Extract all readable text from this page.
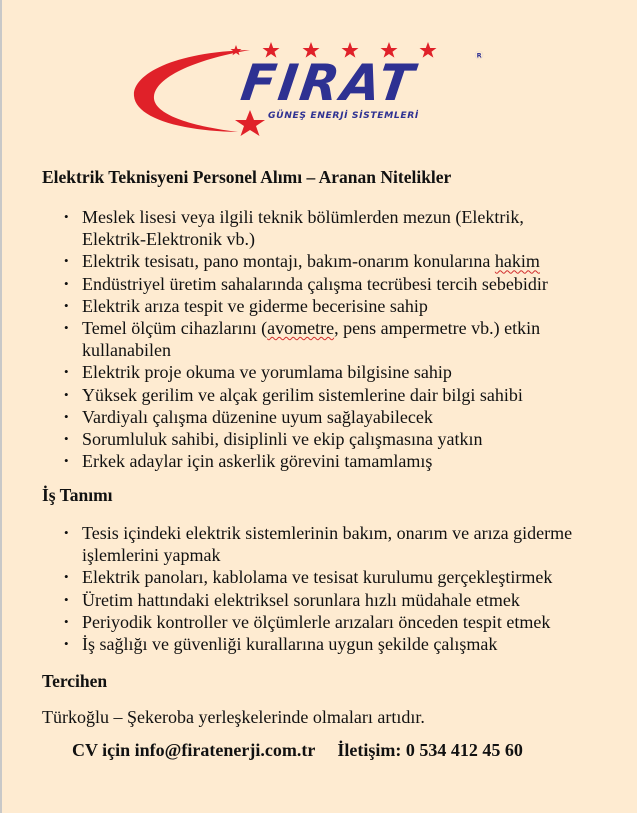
FIRAT
GÜNEŞ ENERJİ SİSTEMLERİ
R
Elektrik Teknisyeni Personel Alımı – Aranan Nitelikler
• Meslek lisesi veya ilgili teknik bölümlerden mezun (Elektrik, Elektrik-Elektronik vb.)
• Elektrik tesisatı, pano montajı, bakım-onarım konularına hakim
• Endüstriyel üretim sahalarında çalışma tecrübesi tercih sebebidir
• Elektrik arıza tespit ve giderme becerisine sahip
• Temel ölçüm cihazlarını (avometre, pens ampermetre vb.) etkin kullanabilen
• Elektrik proje okuma ve yorumlama bilgisine sahip
• Yüksek gerilim ve alçak gerilim sistemlerine dair bilgi sahibi
• Vardiyalı çalışma düzenine uyum sağlayabilecek
• Sorumluluk sahibi, disiplinli ve ekip çalışmasına yatkın
• Erkek adaylar için askerlik görevini tamamlamış
İş Tanımı
• Tesis içindeki elektrik sistemlerinin bakım, onarım ve arıza giderme işlemlerini yapmak
• Elektrik panoları, kablolama ve tesisat kurulumu gerçekleştirmek
• Üretim hattındaki elektriksel sorunlara hızlı müdahale etmek
• Periyodik kontroller ve ölçümlerle arızaları önceden tespit etmek
• İş sağlığı ve güvenliği kurallarına uygun şekilde çalışmak
Tercihen
Türkoğlu – Şekeroba yerleşkelerinde olmaları artıdır.
CV için info@firatenerji.com.tr İletişim: 0 534 412 45 60
